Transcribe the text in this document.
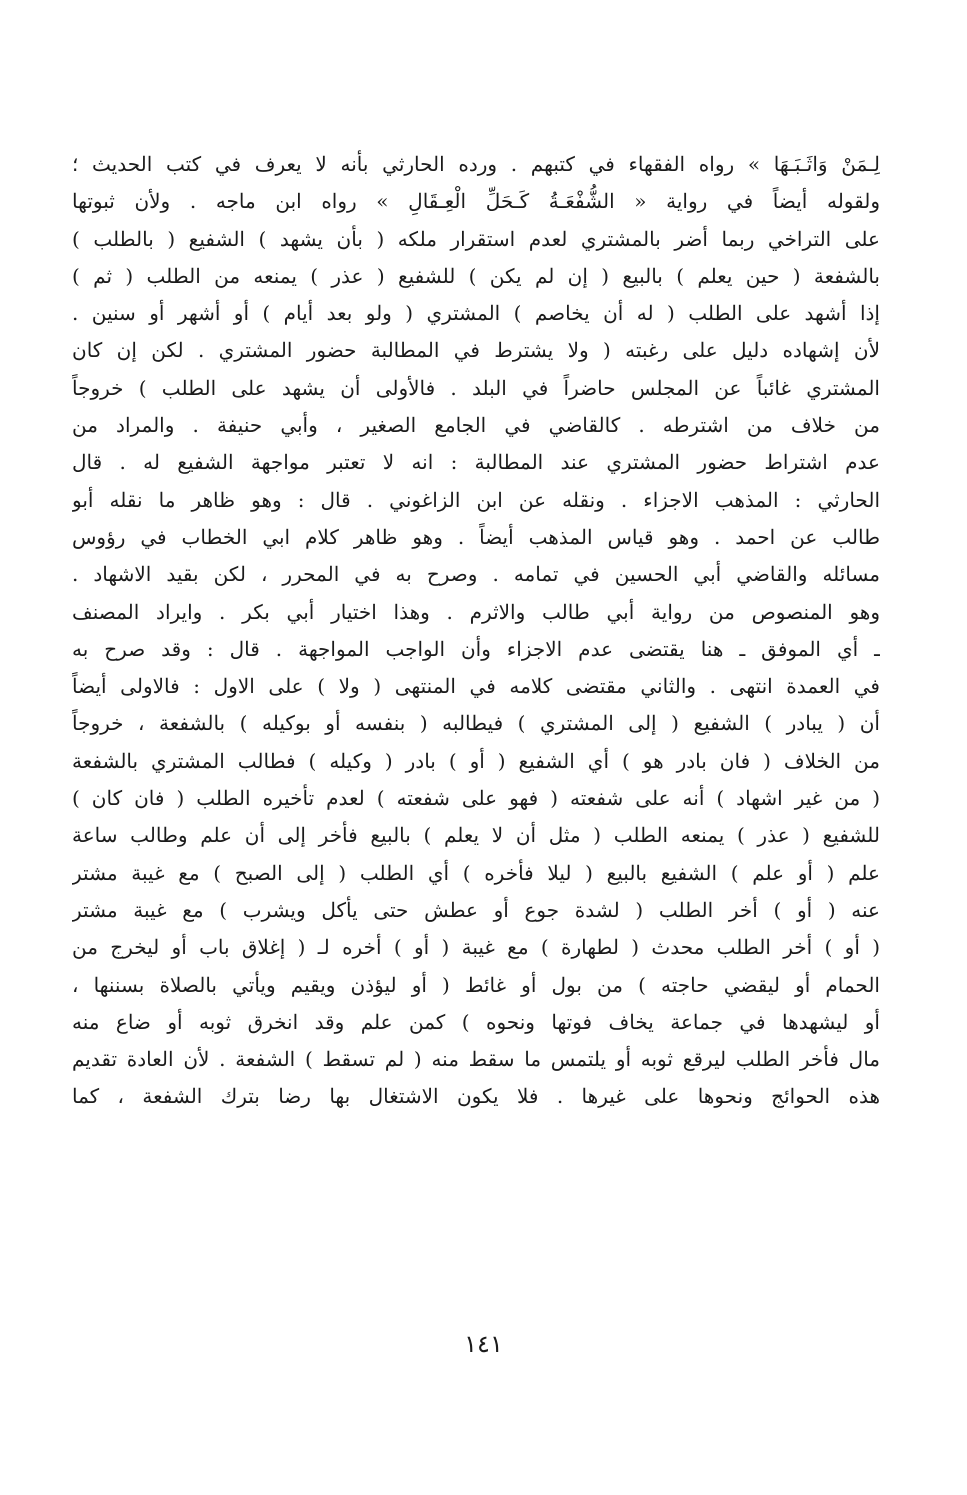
لِـمَنْ وَاثَـبَـهَا » رواه الفقهاء في كتبهم . ورده الحارثي بأنه لا يعرف في كتب الحديث ؛
ولقوله أيضاً في رواية « الشُّفْعَـةُ كَـحَلِّ الْعِـقَالِ » رواه ابن ماجه . ولأن ثبوتها
على التراخي ربما أضر بالمشتري لعدم استقرار ملكه ( بأن يشهد ) الشفيع ( بالطلب )
بالشفعة ( حين يعلم ) بالبيع ( إن لم يكن ) للشفيع ( عذر ) يمنعه من الطلب ( ثم )
إذا أشهد على الطلب ( له أن يخاصم ) المشتري ( ولو بعد أيام ) أو أشهر أو سنين .
لأن إشهاده دليل على رغبته ( ولا يشترط في المطالبة حضور المشتري . لكن إن كان
المشتري غائباً عن المجلس حاضراً في البلد . فالأولى أن يشهد على الطلب ) خروجاً
من خلاف من اشترطه . كالقاضي في الجامع الصغير ، وأبي حنيفة . والمراد من
عدم اشتراط حضور المشتري عند المطالبة : انه لا تعتبر مواجهة الشفيع له . قال
الحارثي : المذهب الاجزاء . ونقله عن ابن الزاغوني . قال : وهو ظاهر ما نقله أبو
طالب عن احمد . وهو قياس المذهب أيضاً . وهو ظاهر كلام ابي الخطاب في رؤوس
مسائله والقاضي أبي الحسين في تمامه . وصرح به في المحرر ، لكن بقيد الاشهاد .
وهو المنصوص من رواية أبي طالب والاثرم . وهذا اختيار أبي بكر . وايراد المصنف
ـ أي الموفق ـ هنا يقتضى عدم الاجزاء وأن الواجب المواجهة . قال : وقد صرح به
في العمدة انتهى . والثاني مقتضى كلامه في المنتهى ( ولا ) على الاول : فالاولى أيضاً
أن ( يبادر ) الشفيع ( إلى المشتري ) فيطالبه ( بنفسه أو بوكيله ) بالشفعة ، خروجاً
من الخلاف ( فان بادر هو ) أي الشفيع ( أو ) بادر ( وكيله ) فطالب المشتري بالشفعة
( من غير اشهاد ) أنه على شفعته ( فهو على شفعته ) لعدم تأخيره الطلب ( فان كان )
للشفيع ( عذر ) يمنعه الطلب ( مثل أن لا يعلم ) بالبيع فأخر إلى أن علم وطالب ساعة
علم ( أو علم ) الشفيع بالبيع ( ليلا فأخره ) أي الطلب ( إلى الصبح ) مع غيبة مشتر
عنه ( أو ) أخر الطلب ( لشدة جوع أو عطش حتى يأكل ويشرب ) مع غيبة مشتر
( أو ) أخر الطلب محدث ( لطهارة ) مع غيبة ( أو ) أخره لـ ( إغلاق باب أو ليخرج من
الحمام أو ليقضي حاجته ) من بول أو غائط ( أو ليؤذن ويقيم ويأتي بالصلاة بسننها ،
أو ليشهدها في جماعة يخاف فوتها ونحوه ) كمن علم وقد انخرق ثوبه أو ضاع منه
مال فأخر الطلب ليرقع ثوبه أو يلتمس ما سقط منه ( لم تسقط ) الشفعة . لأن العادة تقديم
هذه الحوائج ونحوها على غيرها . فلا يكون الاشتغال بها رضا بترك الشفعة ، كما
١٤١
